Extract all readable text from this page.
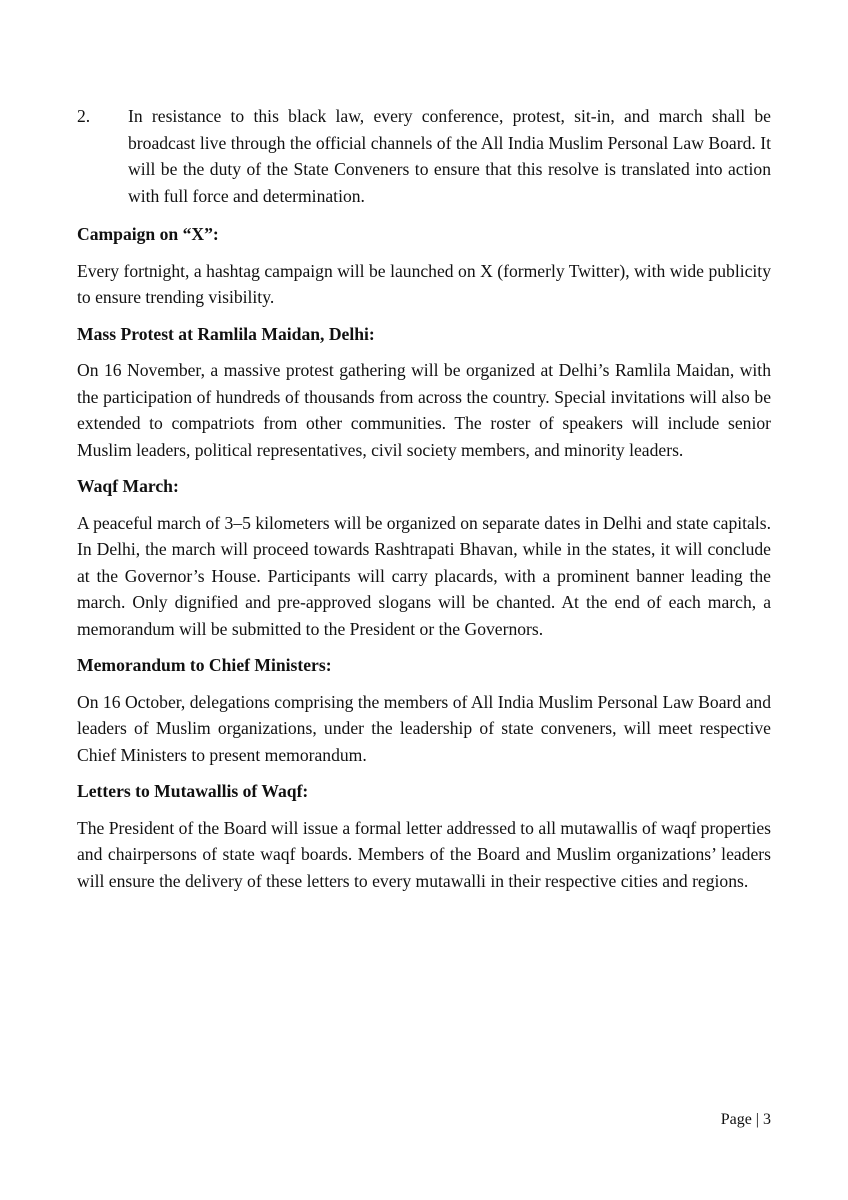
2.	In resistance to this black law, every conference, protest, sit-in, and march shall be broadcast live through the official channels of the All India Muslim Personal Law Board. It will be the duty of the State Conveners to ensure that this resolve is translated into action with full force and determination.
Campaign on “X”:

Every fortnight, a hashtag campaign will be launched on X (formerly Twitter), with wide publicity to ensure trending visibility.

Mass Protest at Ramlila Maidan, Delhi:

On 16 November, a massive protest gathering will be organized at Delhi’s Ramlila Maidan, with the participation of hundreds of thousands from across the country. Special invitations will also be extended to compatriots from other communities. The roster of speakers will include senior Muslim leaders, political representatives, civil society members, and minority leaders.

Waqf March:

A peaceful march of 3–5 kilometers will be organized on separate dates in Delhi and state capitals. In Delhi, the march will proceed towards Rashtrapati Bhavan, while in the states, it will conclude at the Governor’s House. Participants will carry placards, with a prominent banner leading the march. Only dignified and pre-approved slogans will be chanted. At the end of each march, a memorandum will be submitted to the President or the Governors.

Memorandum to Chief Ministers:

On 16 October, delegations comprising the members of All India Muslim Personal Law Board and leaders of Muslim organizations, under the leadership of state conveners, will meet respective Chief Ministers to present memorandum.

Letters to Mutawallis of Waqf:

The President of the Board will issue a formal letter addressed to all mutawallis of waqf properties and chairpersons of state waqf boards. Members of the Board and Muslim organizations’ leaders will ensure the delivery of these letters to every mutawalli in their respective cities and regions.

Page | 3
